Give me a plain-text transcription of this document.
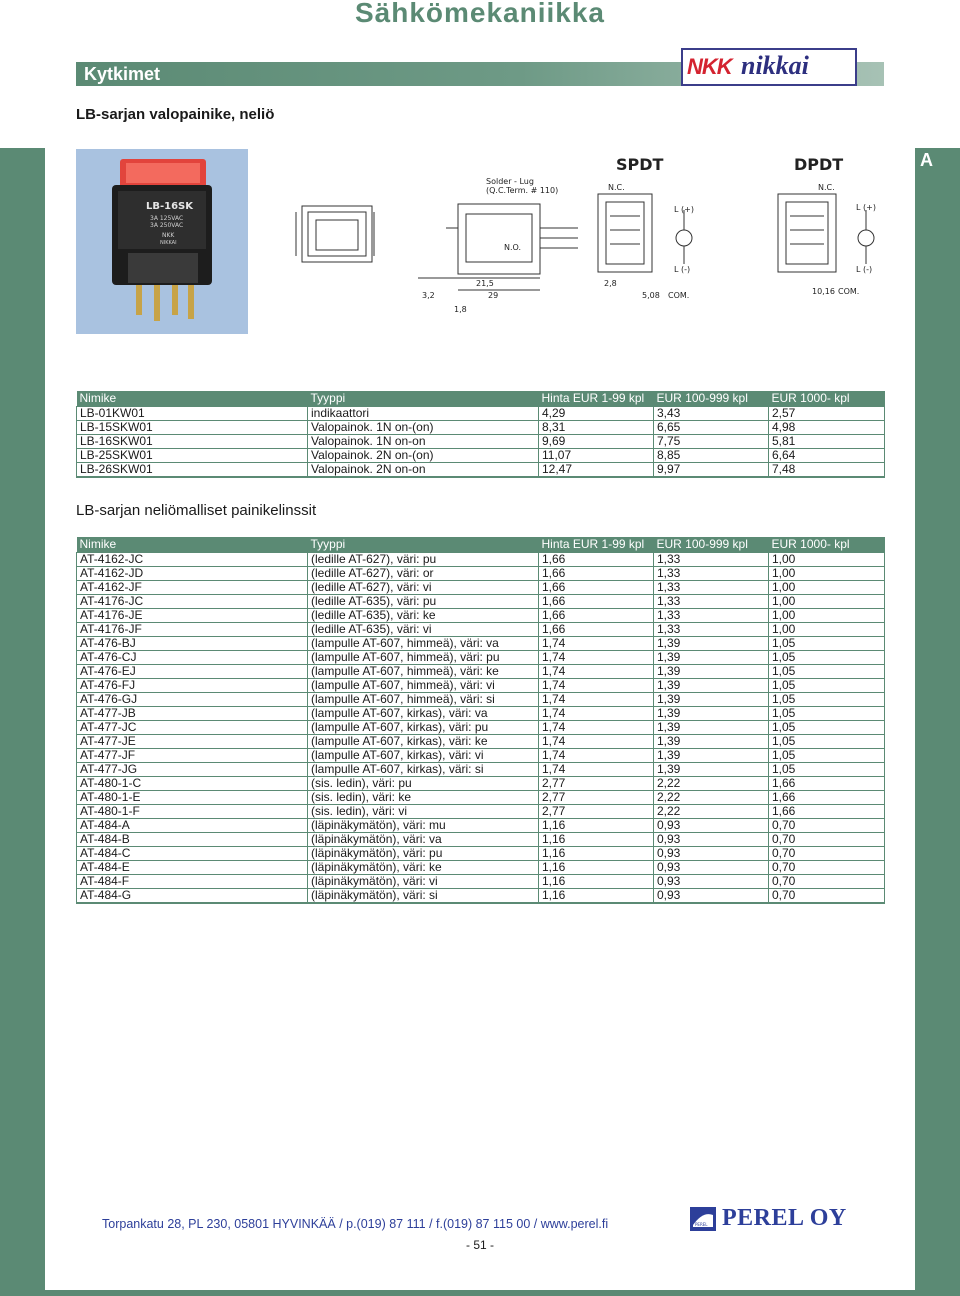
A
Sähkömekaniikka
Kytkimet	NKK nikkai
LB-sarjan valopainike, neliö
LB-16SK
3A 125VAC
3A 250VAC
NKK
NIKKAI
SPDT	DPDT
Solder - Lug
(Q.C.Term. # 110)	N.C.	N.C.
N.O.
COM.	COM.
3,2	29
21,5
1,8
2,8
5,08	10,16
L (+)
L (-)
L (+)
L (-)
Nimike	Tyyppi	Hinta EUR 1-99 kpl	EUR 100-999 kpl	EUR 1000- kpl
LB-01KW01	indikaattori	4,29	3,43	2,57
LB-15SKW01	Valopainok. 1N on-(on)	8,31	6,65	4,98
LB-16SKW01	Valopainok. 1N on-on	9,69	7,75	5,81
LB-25SKW01	Valopainok. 2N on-(on)	11,07	8,85	6,64
LB-26SKW01	Valopainok. 2N on-on	12,47	9,97	7,48
LB-sarjan neliömalliset painikelinssit
Nimike	Tyyppi	Hinta EUR 1-99 kpl	EUR 100-999 kpl	EUR 1000- kpl
AT-4162-JC	(ledille AT-627), väri: pu	1,66	1,33	1,00
AT-4162-JD	(ledille AT-627), väri: or	1,66	1,33	1,00
AT-4162-JF	(ledille AT-627), väri: vi	1,66	1,33	1,00
AT-4176-JC	(ledille AT-635), väri: pu	1,66	1,33	1,00
AT-4176-JE	(ledille AT-635), väri: ke	1,66	1,33	1,00
AT-4176-JF	(ledille AT-635), väri: vi	1,66	1,33	1,00
AT-476-BJ	(lampulle AT-607, himmeä), väri: va	1,74	1,39	1,05
AT-476-CJ	(lampulle AT-607, himmeä), väri: pu	1,74	1,39	1,05
AT-476-EJ	(lampulle AT-607, himmeä), väri: ke	1,74	1,39	1,05
AT-476-FJ	(lampulle AT-607, himmeä), väri: vi	1,74	1,39	1,05
AT-476-GJ	(lampulle AT-607, himmeä), väri: si	1,74	1,39	1,05
AT-477-JB	(lampulle AT-607, kirkas), väri: va	1,74	1,39	1,05
AT-477-JC	(lampulle AT-607, kirkas), väri: pu	1,74	1,39	1,05
AT-477-JE	(lampulle AT-607, kirkas), väri: ke	1,74	1,39	1,05
AT-477-JF	(lampulle AT-607, kirkas), väri: vi	1,74	1,39	1,05
AT-477-JG	(lampulle AT-607, kirkas), väri: si	1,74	1,39	1,05
AT-480-1-C	(sis. ledin), väri: pu	2,77	2,22	1,66
AT-480-1-E	(sis. ledin), väri: ke	2,77	2,22	1,66
AT-480-1-F	(sis. ledin), väri: vi	2,77	2,22	1,66
AT-484-A	(läpinäkymätön), väri: mu	1,16	0,93	0,70
AT-484-B	(läpinäkymätön), väri: va	1,16	0,93	0,70
AT-484-C	(läpinäkymätön), väri: pu	1,16	0,93	0,70
AT-484-E	(läpinäkymätön), väri: ke	1,16	0,93	0,70
AT-484-F	(läpinäkymätön), väri: vi	1,16	0,93	0,70
AT-484-G	(läpinäkymätön), väri: si	1,16	0,93	0,70
Torpankatu 28, PL 230, 05801 HYVINKÄÄ / p.(019) 87 111 / f.(019) 87 115 00 / www.perel.fi
- 51 -
PEREL PEREL OY
